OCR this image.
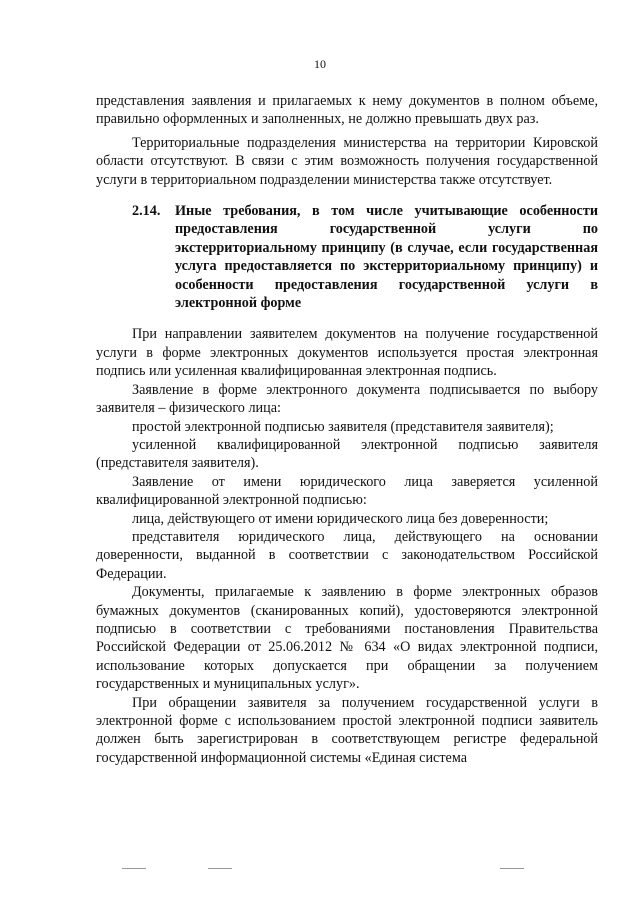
10

представления заявления и прилагаемых к нему документов в полном объеме, правильно оформленных и заполненных, не должно превышать двух раз.

Территориальные подразделения министерства на территории Кировской области отсутствуют. В связи с этим возможность получения государственной услуги в территориальном подразделении министерства также отсутствует.

2.14. Иные требования, в том числе учитывающие особенности предоставления государственной услуги по экстерриториальному принципу (в случае, если государственная услуга предоставляется по экстерриториальному принципу) и особенности предоставления государственной услуги в электронной форме

При направлении заявителем документов на получение государственной услуги в форме электронных документов используется простая электронная подпись или усиленная квалифицированная электронная подпись.

Заявление в форме электронного документа подписывается по выбору заявителя – физического лица:

простой электронной подписью заявителя (представителя заявителя);

усиленной квалифицированной электронной подписью заявителя (представителя заявителя).

Заявление от имени юридического лица заверяется усиленной квалифицированной электронной подписью:

лица, действующего от имени юридического лица без доверенности;

представителя юридического лица, действующего на основании доверенности, выданной в соответствии с законодательством Российской Федерации.

Документы, прилагаемые к заявлению в форме электронных образов бумажных документов (сканированных копий), удостоверяются электронной подписью в соответствии с требованиями постановления Правительства Российской Федерации от 25.06.2012 № 634 «О видах электронной подписи, использование которых допускается при обращении за получением государственных и муниципальных услуг».

При обращении заявителя за получением государственной услуги в электронной форме с использованием простой электронной подписи заявитель должен быть зарегистрирован в соответствующем регистре федеральной государственной информационной системы «Единая система
